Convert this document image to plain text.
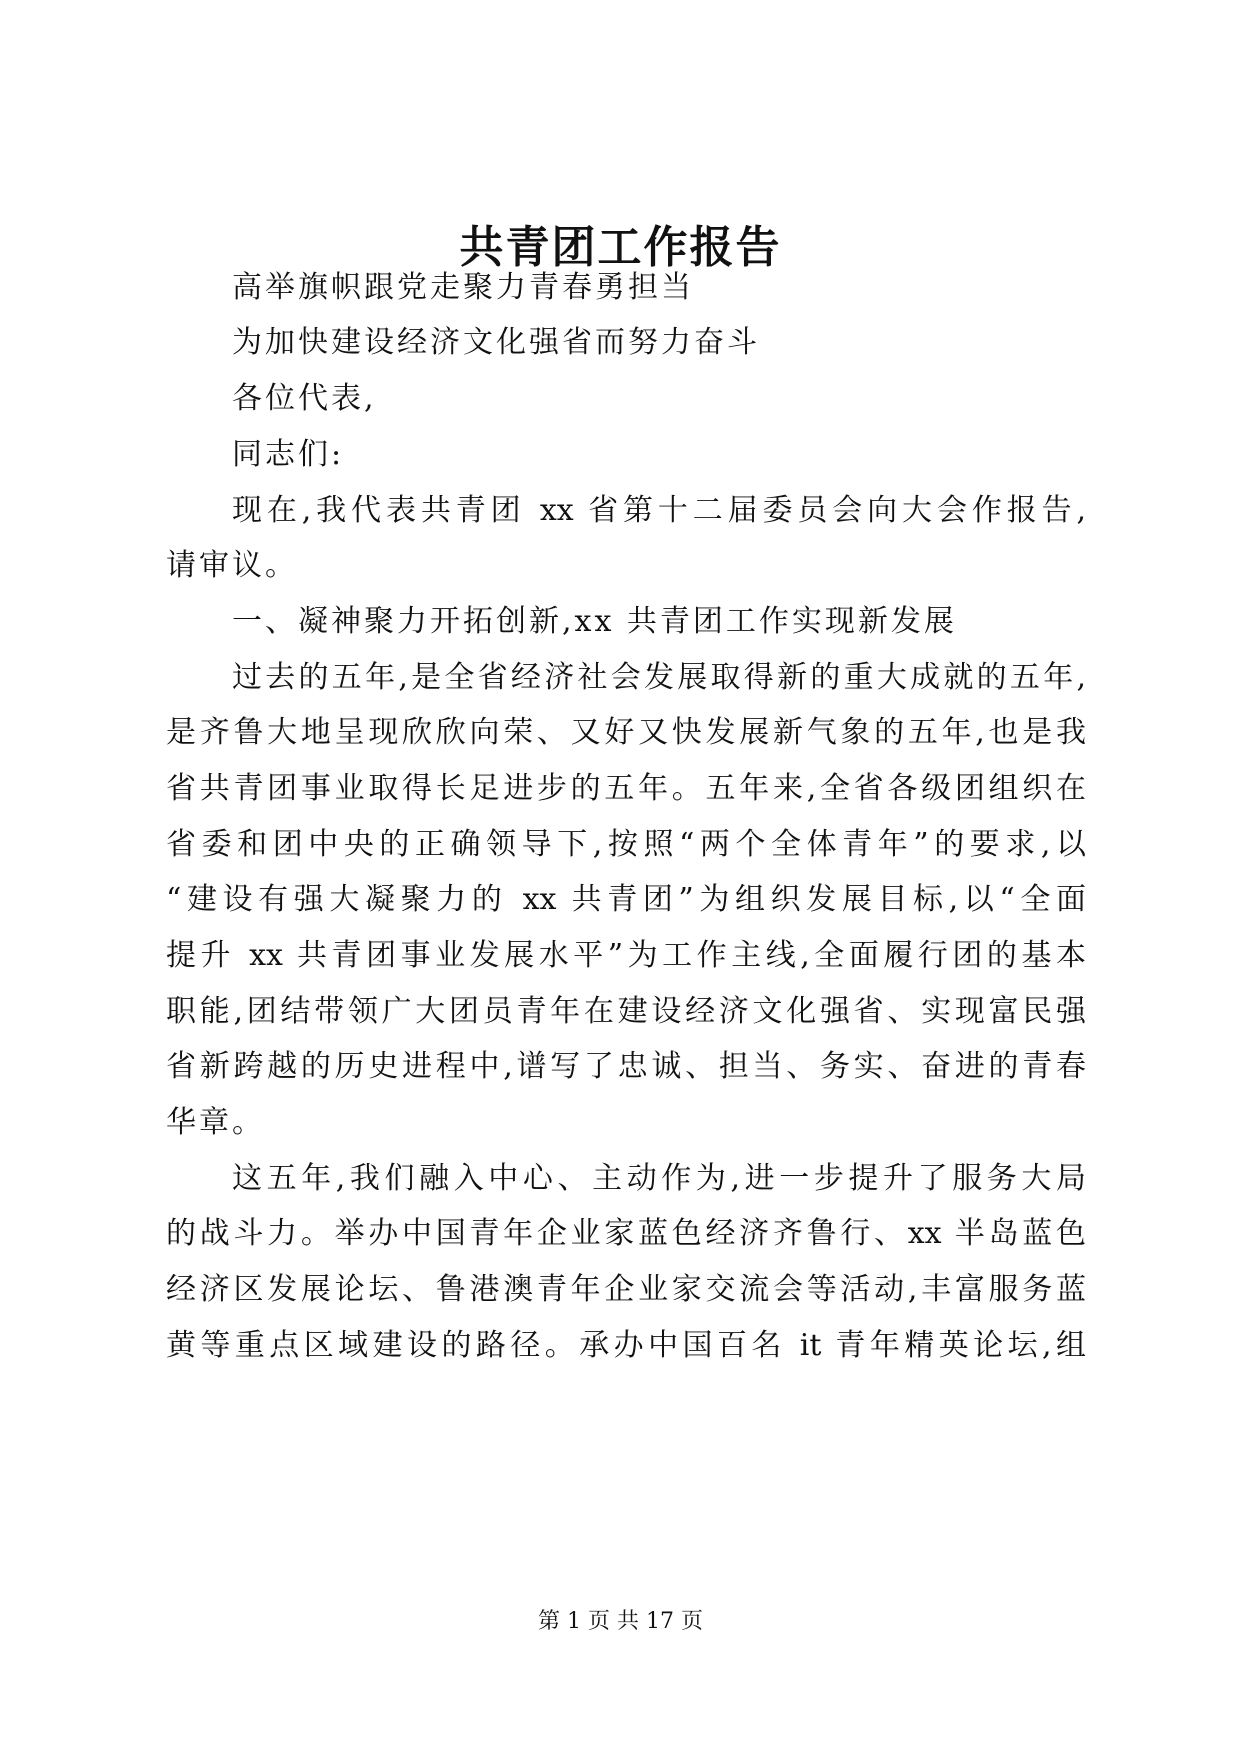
共青团工作报告
高举旗帜跟党走聚力青春勇担当
为加快建设经济文化强省而努力奋斗
各位代表,
同志们:
现在,我代表共青团 xx 省第十二届委员会向大会作报告,
请审议。
一、凝神聚力开拓创新,xx 共青团工作实现新发展
过去的五年,是全省经济社会发展取得新的重大成就的五年,
是齐鲁大地呈现欣欣向荣、又好又快发展新气象的五年,也是我
省共青团事业取得长足进步的五年。五年来,全省各级团组织在
省委和团中央的正确领导下,按照“两个全体青年”的要求,以
“建设有强大凝聚力的 xx 共青团”为组织发展目标,以“全面
提升 xx 共青团事业发展水平”为工作主线,全面履行团的基本
职能,团结带领广大团员青年在建设经济文化强省、实现富民强
省新跨越的历史进程中,谱写了忠诚、担当、务实、奋进的青春
华章。
这五年,我们融入中心、主动作为,进一步提升了服务大局
的战斗力。举办中国青年企业家蓝色经济齐鲁行、xx 半岛蓝色
经济区发展论坛、鲁港澳青年企业家交流会等活动,丰富服务蓝
黄等重点区域建设的路径。承办中国百名 it 青年精英论坛,组
第 1 页 共 17 页
